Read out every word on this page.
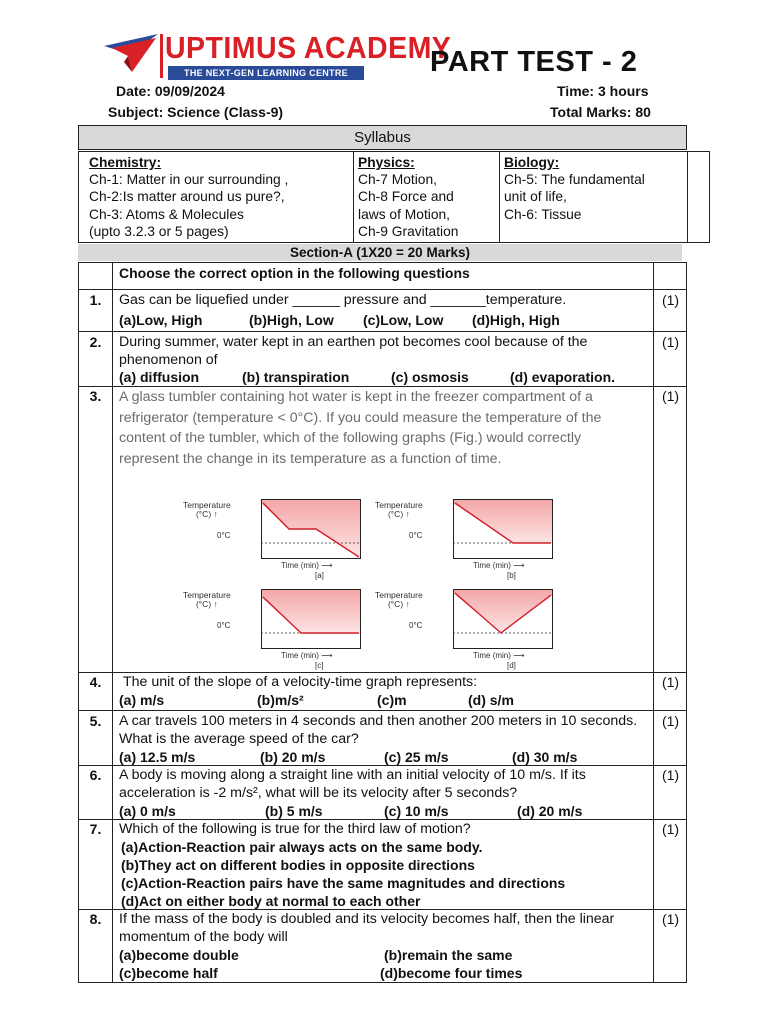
UPTIMUS ACADEMY
THE NEXT-GEN LEARNING CENTRE	PART TEST - 2
Date: 09/09/2024	Time: 3 hours
Subject: Science (Class-9)	Total Marks: 80
Syllabus
Chemistry:
Ch-1: Matter in our surrounding ,
Ch-2:Is matter around us pure?,
Ch-3: Atoms & Molecules
(upto 3.2.3 or 5 pages)
Physics:
Ch-7 Motion,
Ch-8 Force and
laws of Motion,
Ch-9 Gravitation
Biology:
Ch-5: The fundamental
unit of life,
Ch-6: Tissue
Section-A (1X20 = 20 Marks)
Choose the correct option in the following questions
1.	Gas can be liquefied under ______ pressure and _______temperature.	(1)
(a)Low, High	(b)High, Low (c)Low, Low (d)High, High
2.	During summer, water kept in an earthen pot becomes cool because of the phenomenon of
(1)
(a) diffusion	(b) transpiration	(c) osmosis	(d) evaporation.
3.	A glass tumbler containing hot water is kept in the freezer compartment of a refrigerator (temperature < 0°C). If you could measure the temperature of the content of the tumbler, which of the following graphs (Fig.) would correctly represent the change in its temperature as a function of time.
(1)
Temperature
(°C) ↑
0°C
Time (min) ⟶
[a]
Temperature
(°C) ↑
0°C
Time (min) ⟶
[b]
Temperature
(°C) ↑
0°C
Time (min) ⟶
[c]
Temperature
(°C) ↑
0°C
Time (min) ⟶
[d]
4.	The unit of the slope of a velocity-time graph represents:	(1)
(a) m/s	(b)m/s²	(c)m	(d) s/m
5.	A car travels 100 meters in 4 seconds and then another 200 meters in 10 seconds. What is the average speed of the car?
(1)
(a) 12.5 m/s	(b) 20 m/s	(c) 25 m/s	(d) 30 m/s
6.	A body is moving along a straight line with an initial velocity of 10 m/s. If its acceleration is -2 m/s², what will be its velocity after 5 seconds?
(1)
(a) 0 m/s	(b) 5 m/s	(c) 10 m/s	(d) 20 m/s
7.	Which of the following is true for the third law of motion?	(1)
(a)Action-Reaction pair always acts on the same body.
(b)They act on different bodies in opposite directions
(c)Action-Reaction pairs have the same magnitudes and directions
(d)Act on either body at normal to each other
8.	If the mass of the body is doubled and its velocity becomes half, then the linear momentum of the body will
(1)
(a)become double	(b)remain the same
(c)become half	(d)become four times
